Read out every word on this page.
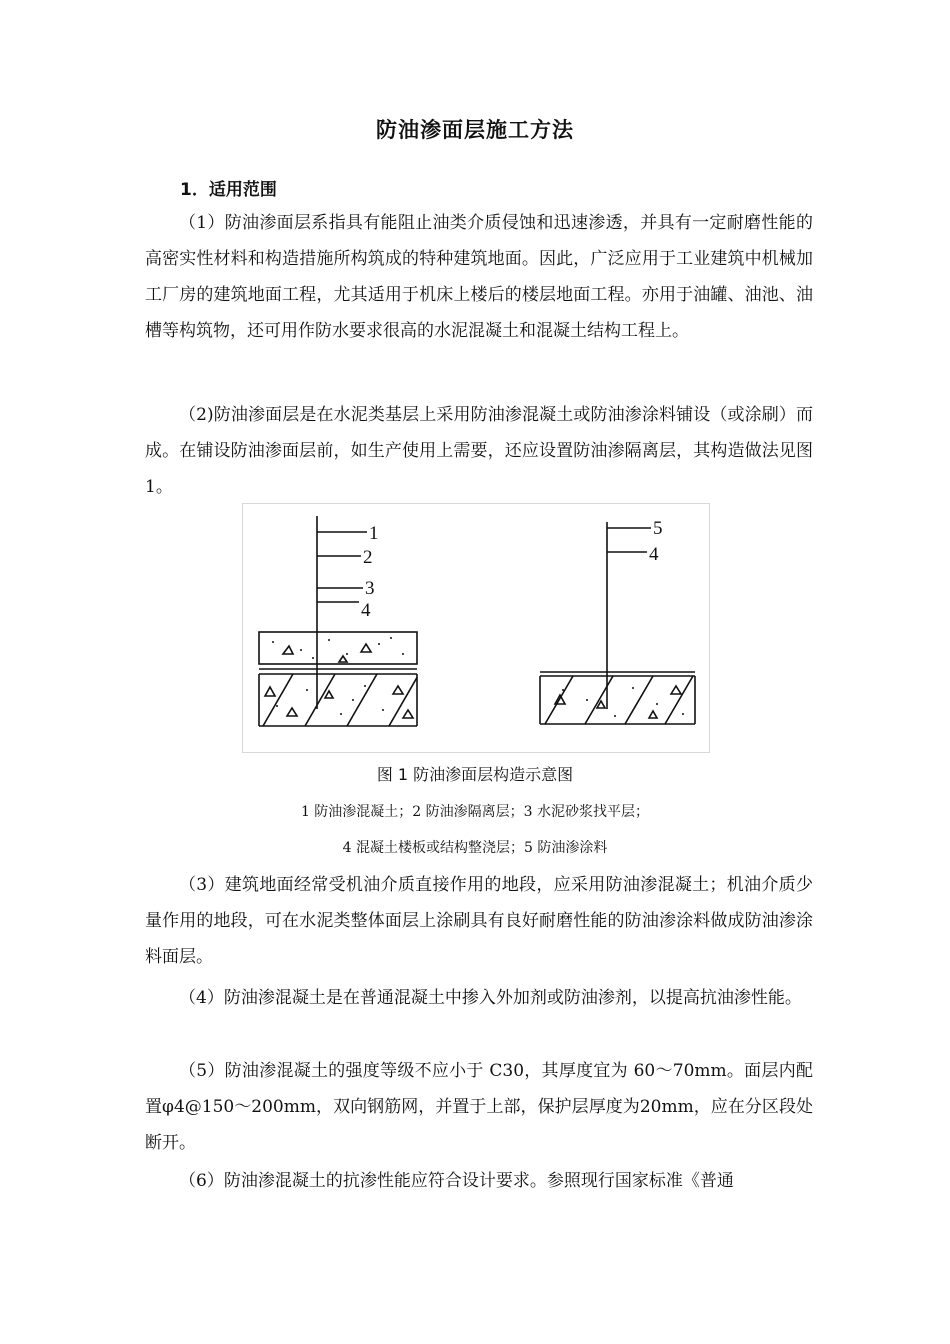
防油渗面层施工方法
1．适用范围

（1）防油渗面层系指具有能阻止油类介质侵蚀和迅速渗透，并具有一定耐磨性能的高密实性材料和构造措施所构筑成的特种建筑地面。因此，广泛应用于工业建筑中机械加工厂房的建筑地面工程，尤其适用于机床上楼后的楼层地面工程。亦用于油罐、油池、油槽等构筑物，还可用作防水要求很高的水泥混凝土和混凝土结构工程上。

（2)防油渗面层是在水泥类基层上采用防油渗混凝土或防油渗涂料铺设（或涂刷）而成。在铺设防油渗面层前，如生产使用上需要，还应设置防油渗隔离层，其构造做法见图 1。

1
2
3
4
5
4
图 1 防油渗面层构造示意图
1 防油渗混凝土；2 防油渗隔离层；3 水泥砂浆找平层；
4 混凝土楼板或结构整浇层；5 防油渗涂料

（3）建筑地面经常受机油介质直接作用的地段，应采用防油渗混凝土；机油介质少量作用的地段，可在水泥类整体面层上涂刷具有良好耐磨性能的防油渗涂料做成防油渗涂料面层。

（4）防油渗混凝土是在普通混凝土中掺入外加剂或防油渗剂，以提高抗油渗性能。

（5）防油渗混凝土的强度等级不应小于 C30，其厚度宜为 60～70mm。面层内配置φ4@150～200mm，双向钢筋网，并置于上部，保护层厚度为20mm，应在分区段处断开。

（6）防油渗混凝土的抗渗性能应符合设计要求。参照现行国家标准《普通
